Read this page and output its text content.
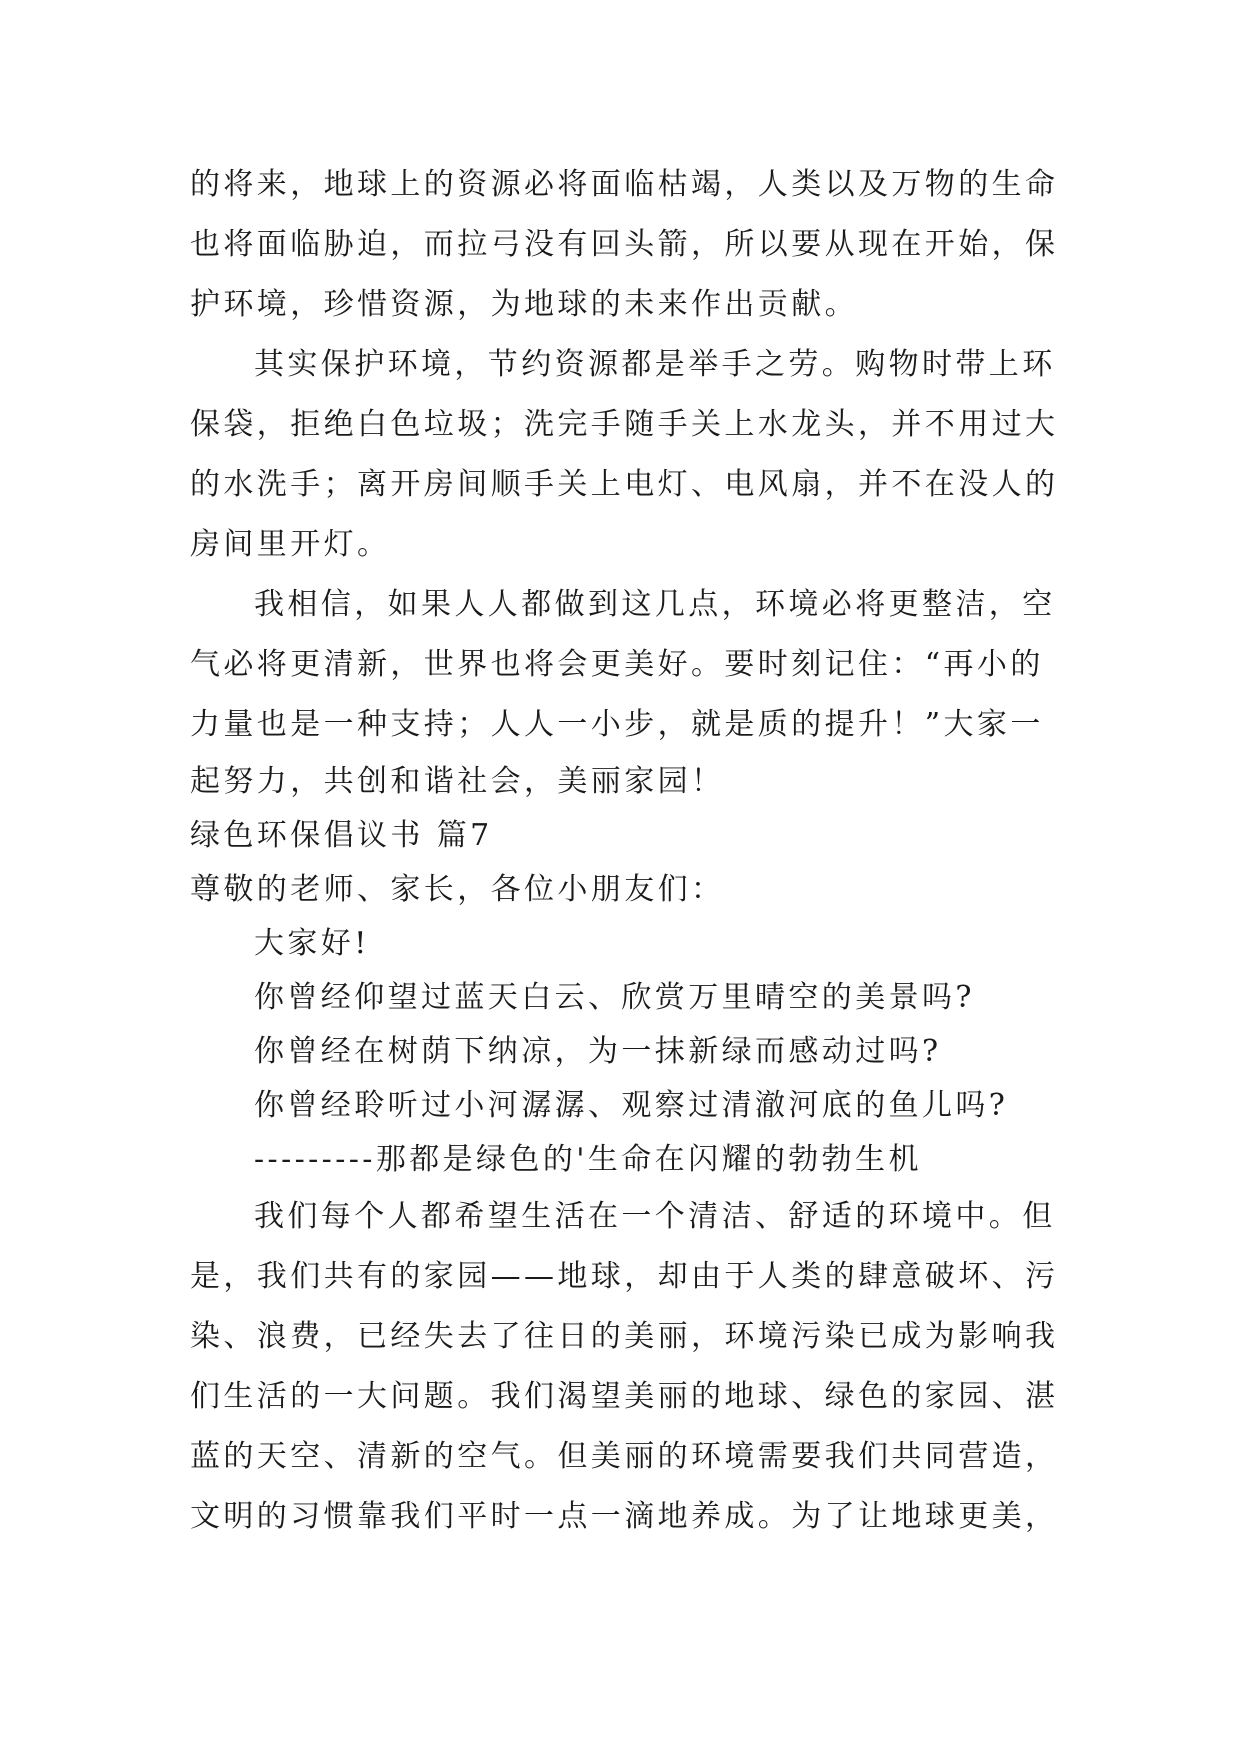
的将来，地球上的资源必将面临枯竭，人类以及万物的生命
也将面临胁迫，而拉弓没有回头箭，所以要从现在开始，保
护环境，珍惜资源，为地球的未来作出贡献。
其实保护环境，节约资源都是举手之劳。购物时带上环
保袋，拒绝白色垃圾；洗完手随手关上水龙头，并不用过大
的水洗手；离开房间顺手关上电灯、电风扇，并不在没人的
房间里开灯。
我相信，如果人人都做到这几点，环境必将更整洁，空
气必将更清新，世界也将会更美好。要时刻记住：“再小的
力量也是一种支持；人人一小步，就是质的提升！”大家一
起努力，共创和谐社会，美丽家园！
绿色环保倡议书 篇7
尊敬的老师、家长，各位小朋友们：
大家好!
你曾经仰望过蓝天白云、欣赏万里晴空的美景吗?
你曾经在树荫下纳凉，为一抹新绿而感动过吗?
你曾经聆听过小河潺潺、观察过清澈河底的鱼儿吗?
---------那都是绿色的'生命在闪耀的勃勃生机
我们每个人都希望生活在一个清洁、舒适的环境中。但
是，我们共有的家园——地球，却由于人类的肆意破坏、污
染、浪费，已经失去了往日的美丽，环境污染已成为影响我
们生活的一大问题。我们渴望美丽的地球、绿色的家园、湛
蓝的天空、清新的空气。但美丽的环境需要我们共同营造，
文明的习惯靠我们平时一点一滴地养成。为了让地球更美，
